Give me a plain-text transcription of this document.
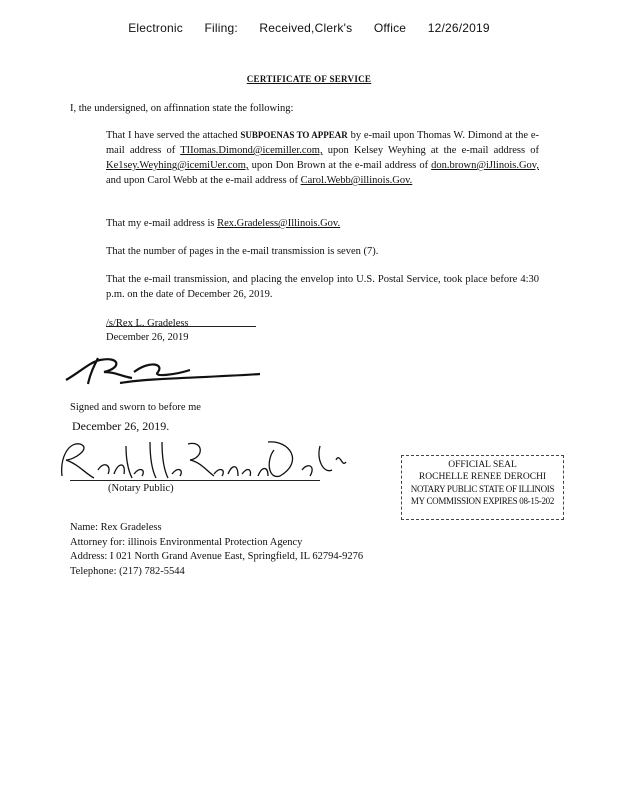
Electronic Filing: Received,Clerk's Office 12/26/2019
CERTIFICATE OF SERVICE
I, the undersigned, on affinnation state the following:
That I have served the attached SUBPOENAS TO APPEAR by e-mail upon Thomas W. Dimond at the e-mail address of TIIomas.Dimond@icemiller.com, upon Kelsey Weyhing at the e-mail address of Ke1sey.Weyhing@icemiUer.com, upon Don Brown at the e-mail address of don.brown@iJlinois.Gov, and upon Carol Webb at the e-mail address of Carol.Webb@illinois.Gov.
That my e-mail address is Rex.Gradeless@Illinois.Gov.
That the number of pages in the e-mail transmission is seven (7).
That the e-mail transmission, and placing the envelop into U.S. Postal Service, took place before 4:30 p.m. on the date of December 26, 2019.
/s/Rex L. Gradeless
December 26, 2019
Signed and sworn to before me
December 26, 2019.
(Notary Public)
OFFICIAL SEAL
ROCHELLE RENEE DEROCHI
NOTARY PUBLIC STATE OF ILLINOIS
MY COMMISSION EXPIRES 08-15-202
Name: Rex Gradeless
Attorney for: illinois Environmental Protection Agency
Address: I 021 North Grand Avenue East, Springfield, IL 62794-9276
Telephone: (217) 782-5544
